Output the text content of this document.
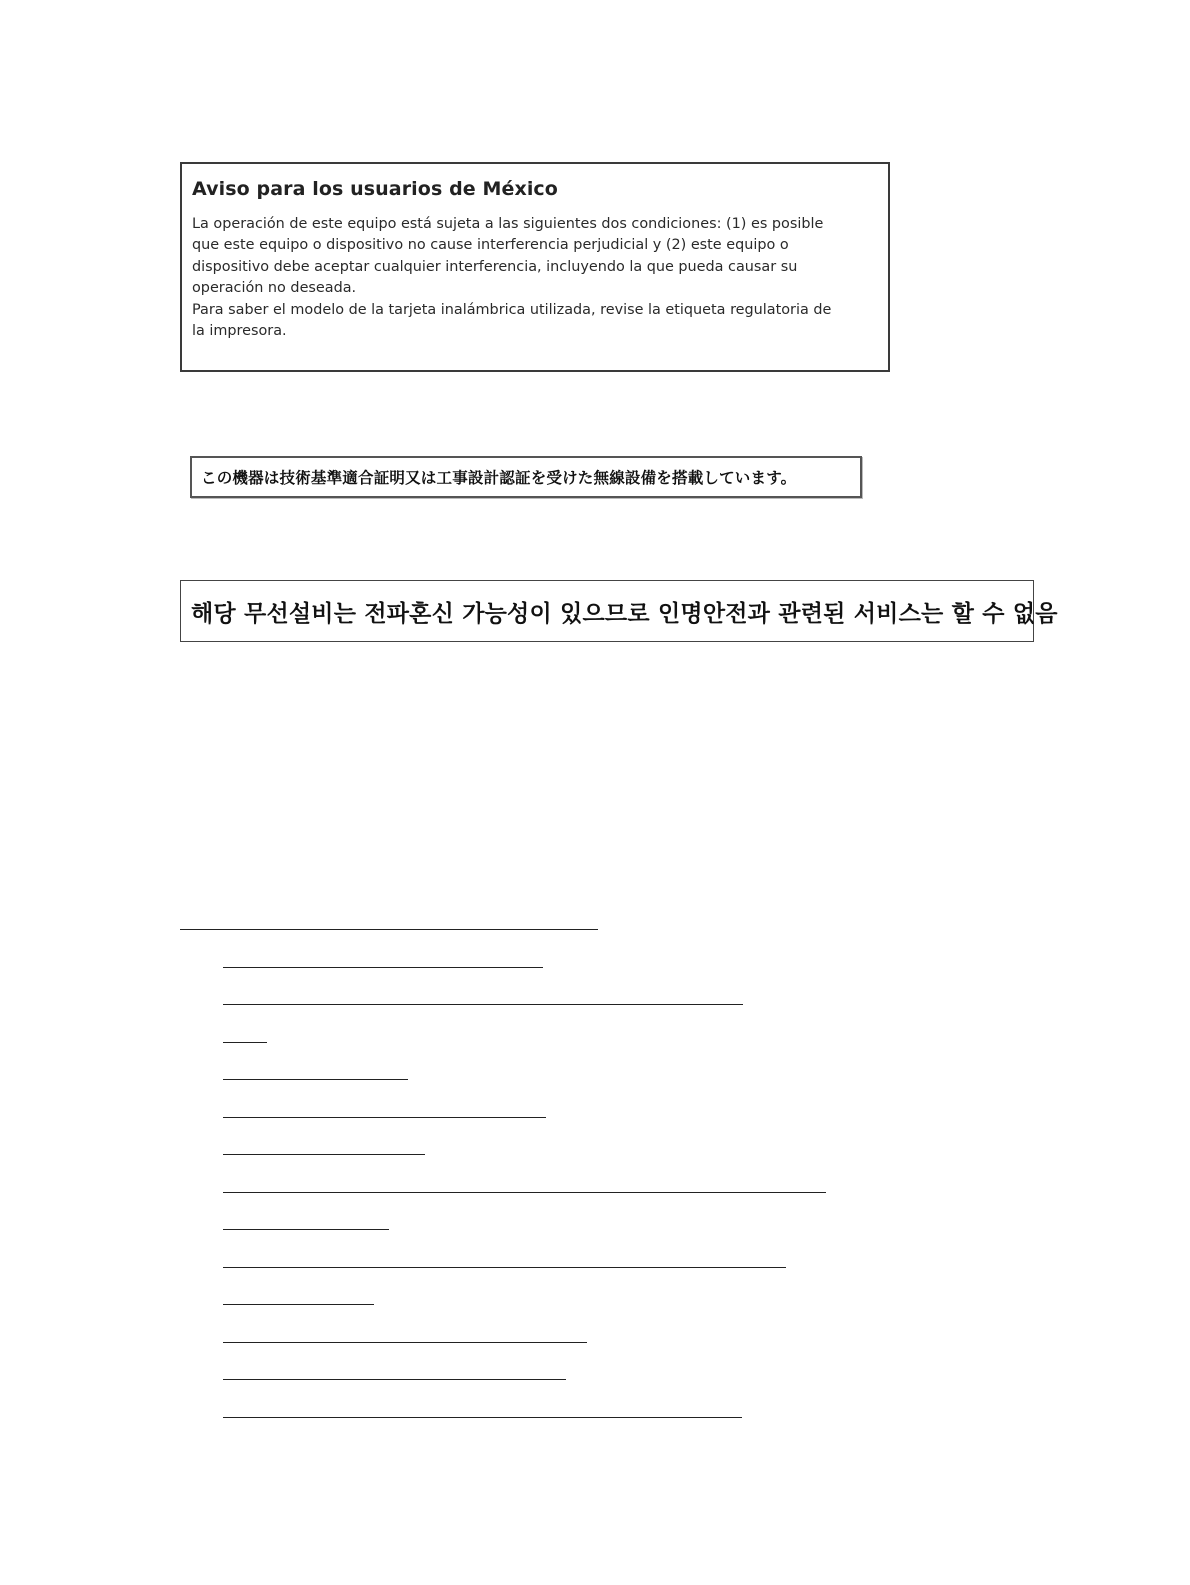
Aviso para los usuarios de México

La operación de este equipo está sujeta a las siguientes dos condiciones: (1) es posible

que este equipo o dispositivo no cause interferencia perjudicial y (2) este equipo o

dispositivo debe aceptar cualquier interferencia, incluyendo la que pueda causar su

operación no deseada.

Para saber el modelo de la tarjeta inalámbrica utilizada, revise la etiqueta regulatoria de

la impresora.

この機器は技術基準適合証明又は工事設計認証を受けた無線設備を搭載しています。
해당 무선설비는 전파혼신 가능성이 있으므로 인명안전과 관련된 서비스는 할 수 없음
